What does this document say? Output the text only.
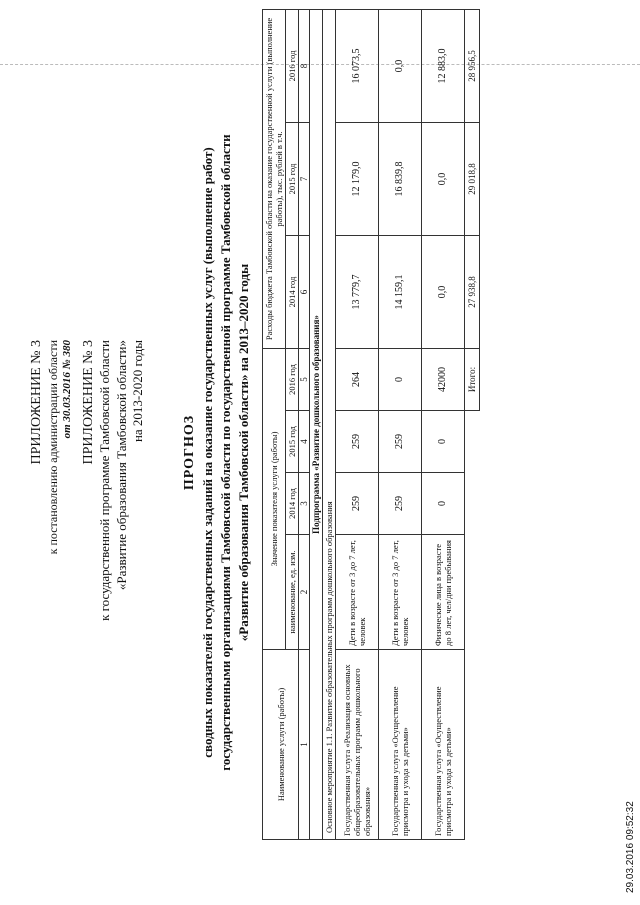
ПРИЛОЖЕНИЕ № 3 к постановлению администрации области от 30.03.2016 № 380 ПРИЛОЖЕНИЕ № 3 к государственной программе Тамбовской области «Развитие образования Тамбовской области» на 2013-2020 годы
ПРОГНОЗ сводных показателей государственных заданий на оказание государственных услуг (выполнение работ) государственными организациями Тамбовской области по государственной программе Тамбовской области «Развитие образования Тамбовской области» на 2013–2020 годы
Наименование услуги (работы)	Значение показателя услуги (работы)				Расходы бюджета Тамбовской области на оказание государственной услуги (выполнение работы), тыс. рублей в т.ч.		
	наименование, ед. изм.	2014 год	2015 год	2016 год	2014 год	2015 год	2016 год
1	2	3	4	5	6	7	8
Подпрограмма «Развитие дошкольного образования»							
Основное мероприятие 1.1. Развитие образовательных программ дошкольного образования							
Государственная услуга «Реализация основных общеобразовательных программ дошкольного образования»	Дети в возрасте от 3 до 7 лет, человек	259	259	264	13 779,7	12 179,0	16 073,5
Государственная услуга «Осуществление присмотра и ухода за детьми»	Дети в возрасте от 3 до 7 лет, человек	259	259	0	14 159,1	16 839,8	0,0
Государственная услуга «Осуществление присмотра и ухода за детьми»	Физические лица в возрасте до 8 лет, чел/дни пребывания	0	0	42000	0,0	0,0	12 883,0
				Итого:	27 938,8	29 018,8	28 956,5
29.03.2016 09:52:32
